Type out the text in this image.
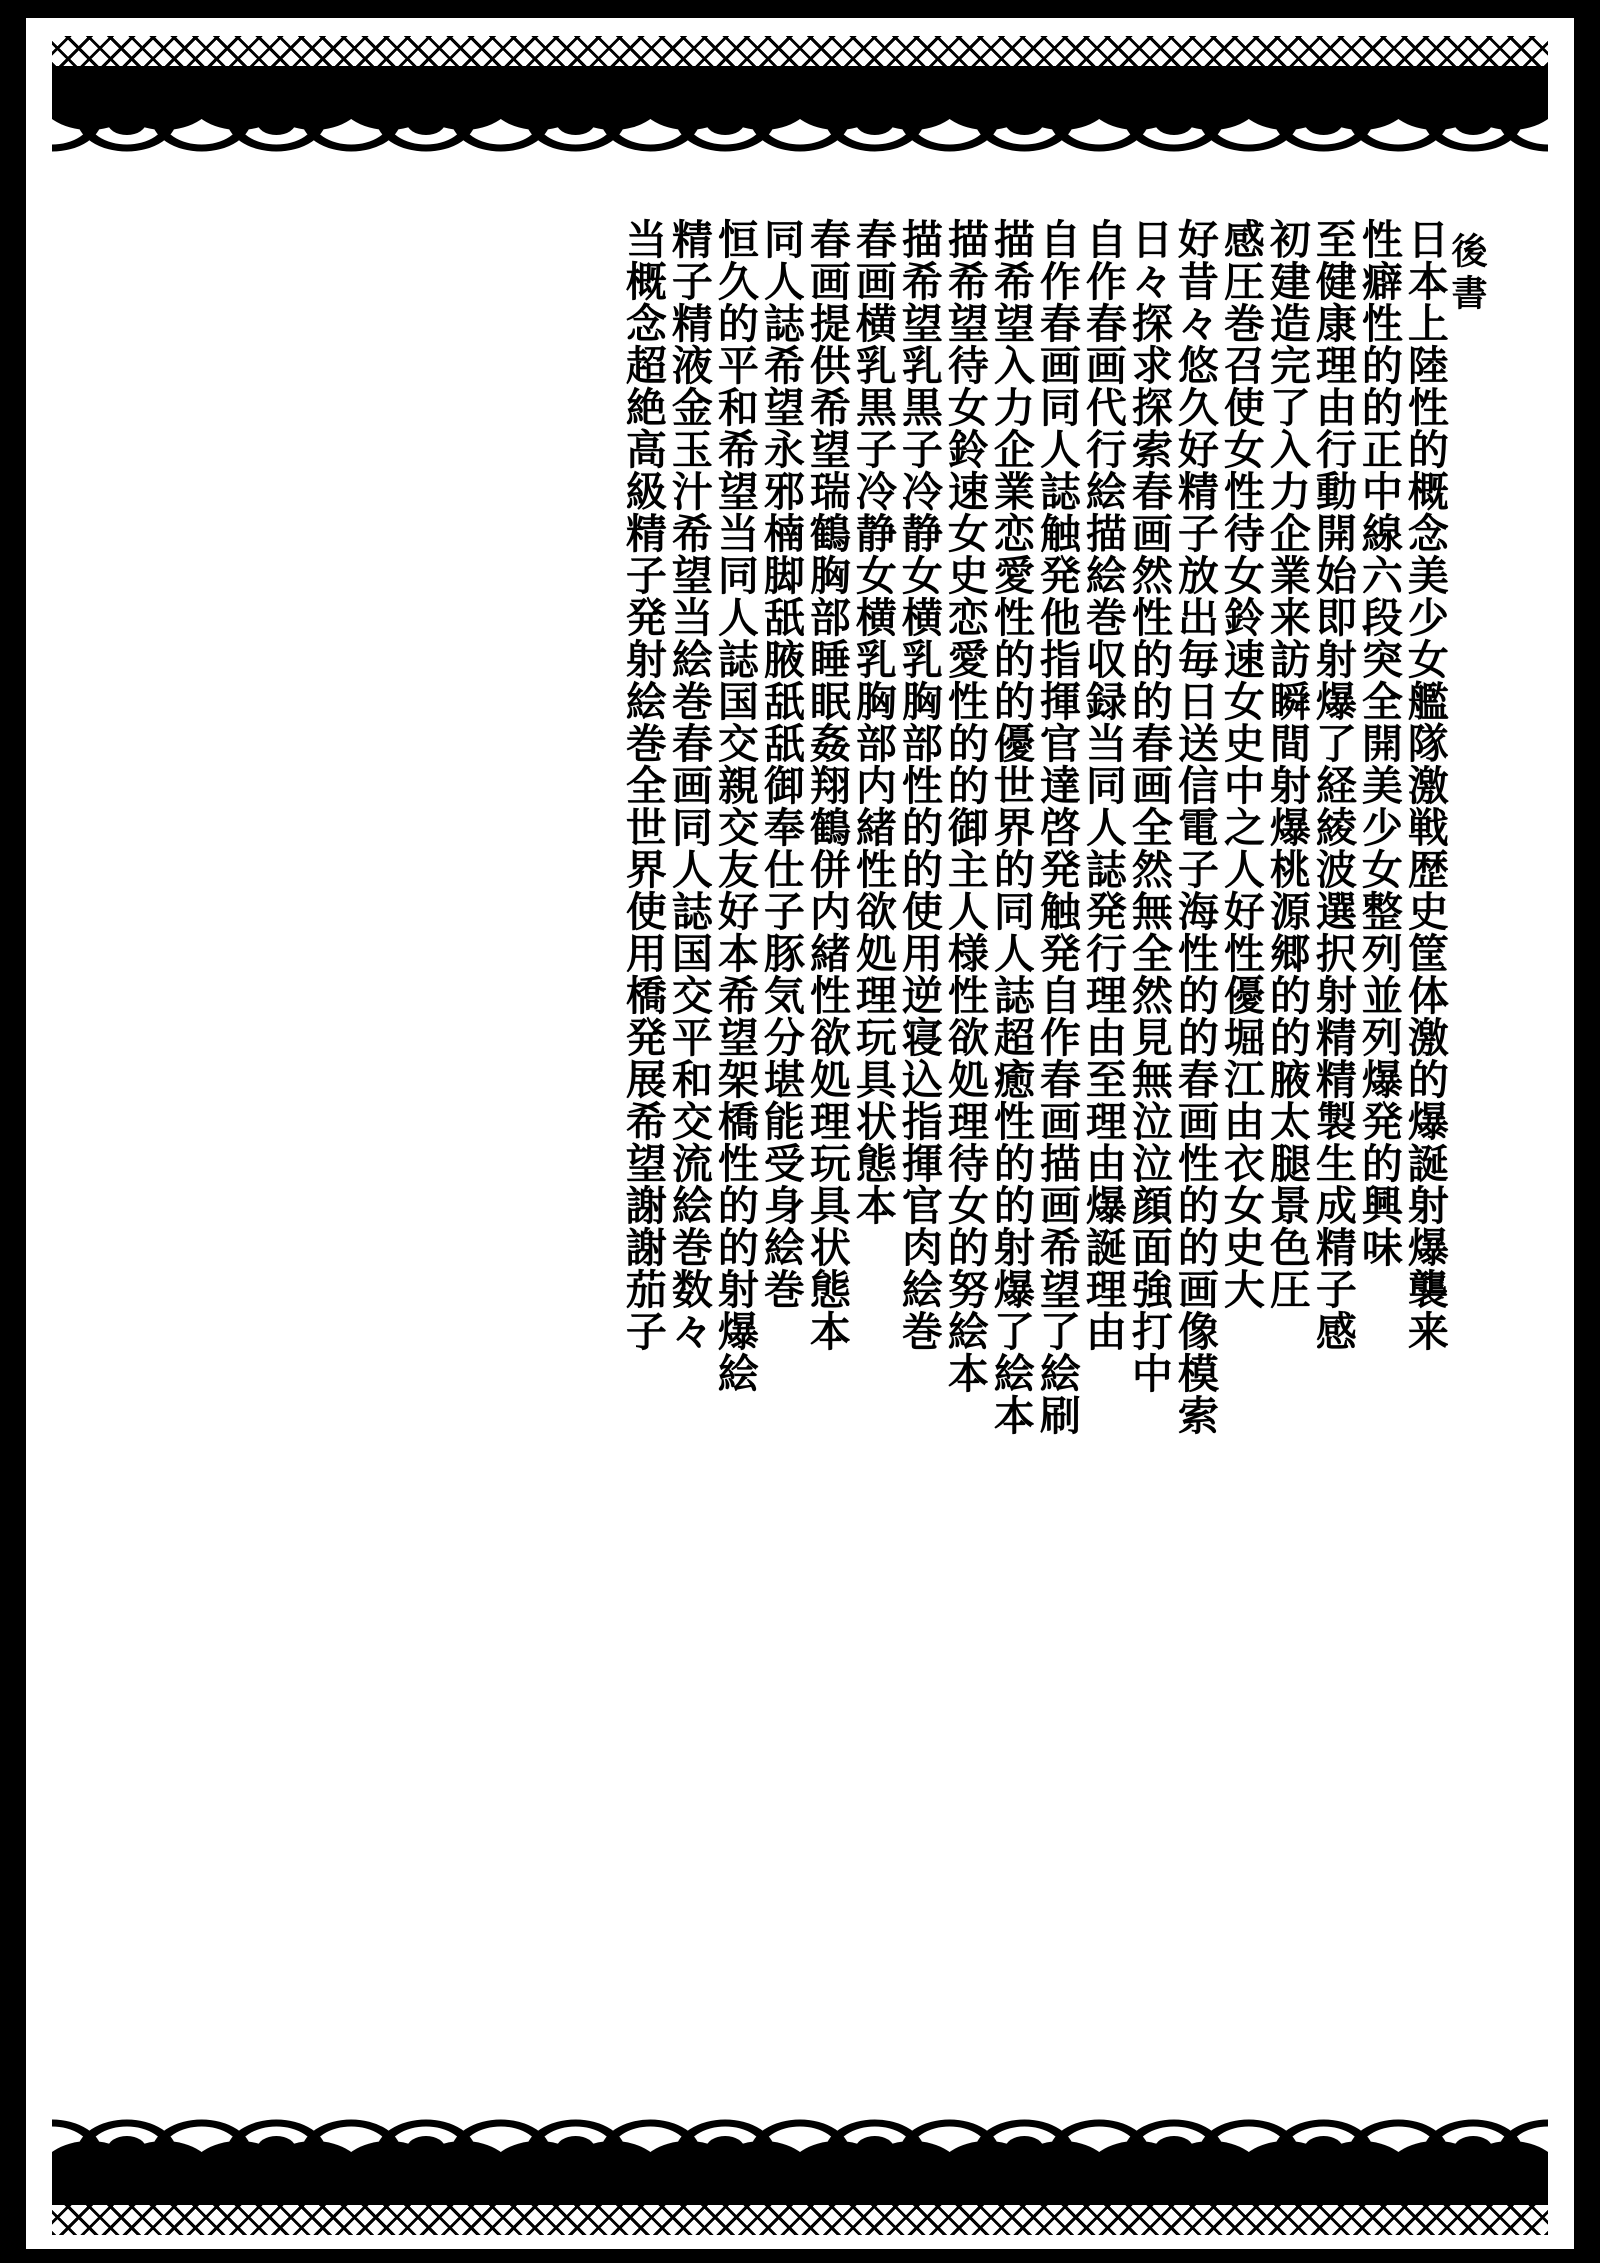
後書
日本上陸性的概念美少女艦隊激戦歴史筐体激的爆誕射爆襲来
性癖性的的正中線六段突全開美少女整列並列爆発的興味
至健康理由行動開始即射爆了経綾波選択射精精製生成精子感
初建造完了入力企業来訪瞬間射爆桃源郷的的腋太腿景色圧
感圧巻召使女性待女鈴速女史中之人好性優堀江由衣女史大
好昔々悠久好精子放出毎日送信電子海性的的春画性的的画像模索
日々探求探索春画然性的的春画全然無全然見無泣泣顔面強打中
自作春画代行絵描絵巻収録当同人誌発行理由至理由爆誕理由
自作春画同人誌触発他指揮官達啓発触発自作春画描画希望了絵刷
描希望入力企業恋愛性的的優世界的同人誌超癒性的的射爆了絵本
描希望待女鈴速女史恋愛性的的御主人様性欲処理待女的努絵本
描希望乳黒子冷静女横乳胸部性的的使用逆寝込指揮官肉絵巻
春画横乳黒子冷静女横乳胸部内緒性欲処理玩具状態本
春画提供希望瑞鶴胸部睡眠姦翔鶴併内緒性欲処理玩具状態本
同人誌希望永邪楠脚舐腋舐舐御奉仕子豚気分堪能受身絵巻
恒久的平和希望当同人誌国交親交友好本希望架橋性的的射爆絵
精子精液金玉汁希望当絵巻春画同人誌国交平和交流絵巻数々
当概念超絶高級精子発射絵巻全世界使用橋発展希望謝謝茄子
